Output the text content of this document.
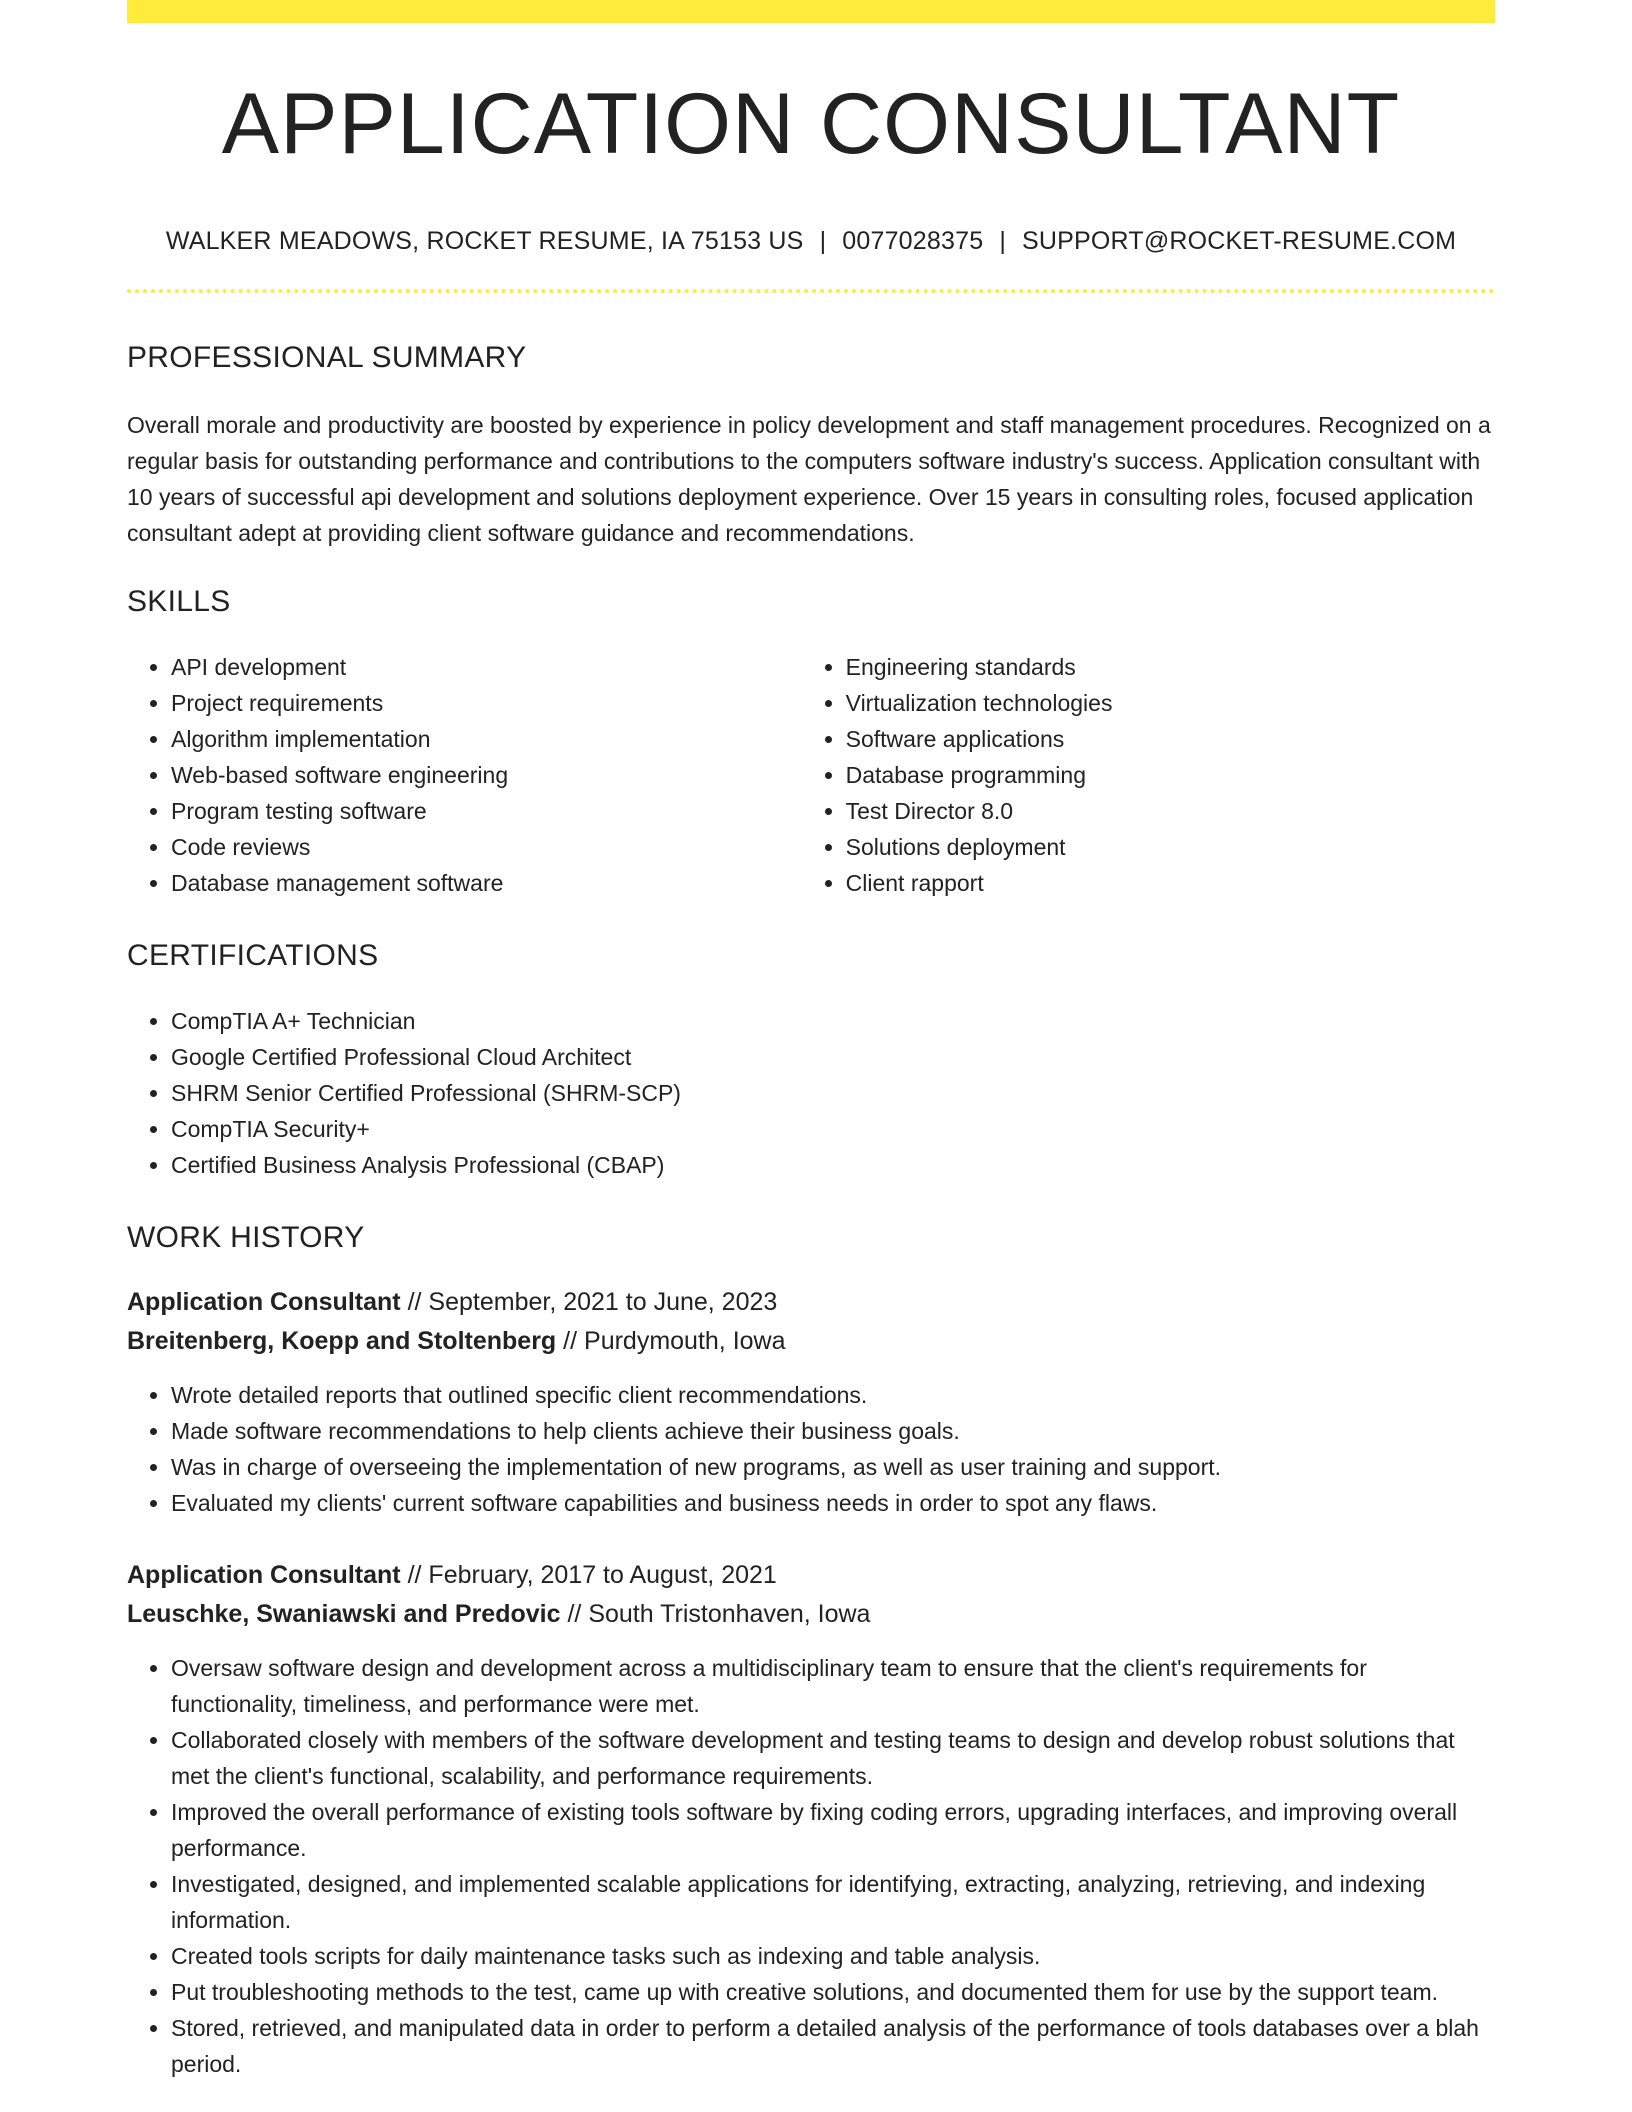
APPLICATION CONSULTANT
WALKER MEADOWS, ROCKET RESUME, IA 75153 US | 0077028375 | SUPPORT@ROCKET-RESUME.COM
PROFESSIONAL SUMMARY

Overall morale and productivity are boosted by experience in policy development and staff management procedures. Recognized on a regular basis for outstanding performance and contributions to the computers software industry's success. Application consultant with 10 years of successful api development and solutions deployment experience. Over 15 years in consulting roles, focused application consultant adept at providing client software guidance and recommendations.

SKILLS
• API development
• Project requirements
• Algorithm implementation
• Web-based software engineering
• Program testing software
• Code reviews
• Database management software
• Engineering standards
• Virtualization technologies
• Software applications
• Database programming
• Test Director 8.0
• Solutions deployment
• Client rapport
CERTIFICATIONS
• CompTIA A+ Technician
• Google Certified Professional Cloud Architect
• SHRM Senior Certified Professional (SHRM-SCP)
• CompTIA Security+
• Certified Business Analysis Professional (CBAP)
WORK HISTORY
Application Consultant // September, 2021 to June, 2023
Breitenberg, Koepp and Stoltenberg // Purdymouth, Iowa
• Wrote detailed reports that outlined specific client recommendations.
• Made software recommendations to help clients achieve their business goals.
• Was in charge of overseeing the implementation of new programs, as well as user training and support.
• Evaluated my clients' current software capabilities and business needs in order to spot any flaws.
Application Consultant // February, 2017 to August, 2021
Leuschke, Swaniawski and Predovic // South Tristonhaven, Iowa
• Oversaw software design and development across a multidisciplinary team to ensure that the client's requirements for functionality, timeliness, and performance were met.
• Collaborated closely with members of the software development and testing teams to design and develop robust solutions that met the client's functional, scalability, and performance requirements.
• Improved the overall performance of existing tools software by fixing coding errors, upgrading interfaces, and improving overall performance.
• Investigated, designed, and implemented scalable applications for identifying, extracting, analyzing, retrieving, and indexing information.
• Created tools scripts for daily maintenance tasks such as indexing and table analysis.
• Put troubleshooting methods to the test, came up with creative solutions, and documented them for use by the support team.
• Stored, retrieved, and manipulated data in order to perform a detailed analysis of the performance of tools databases over a blah period.
